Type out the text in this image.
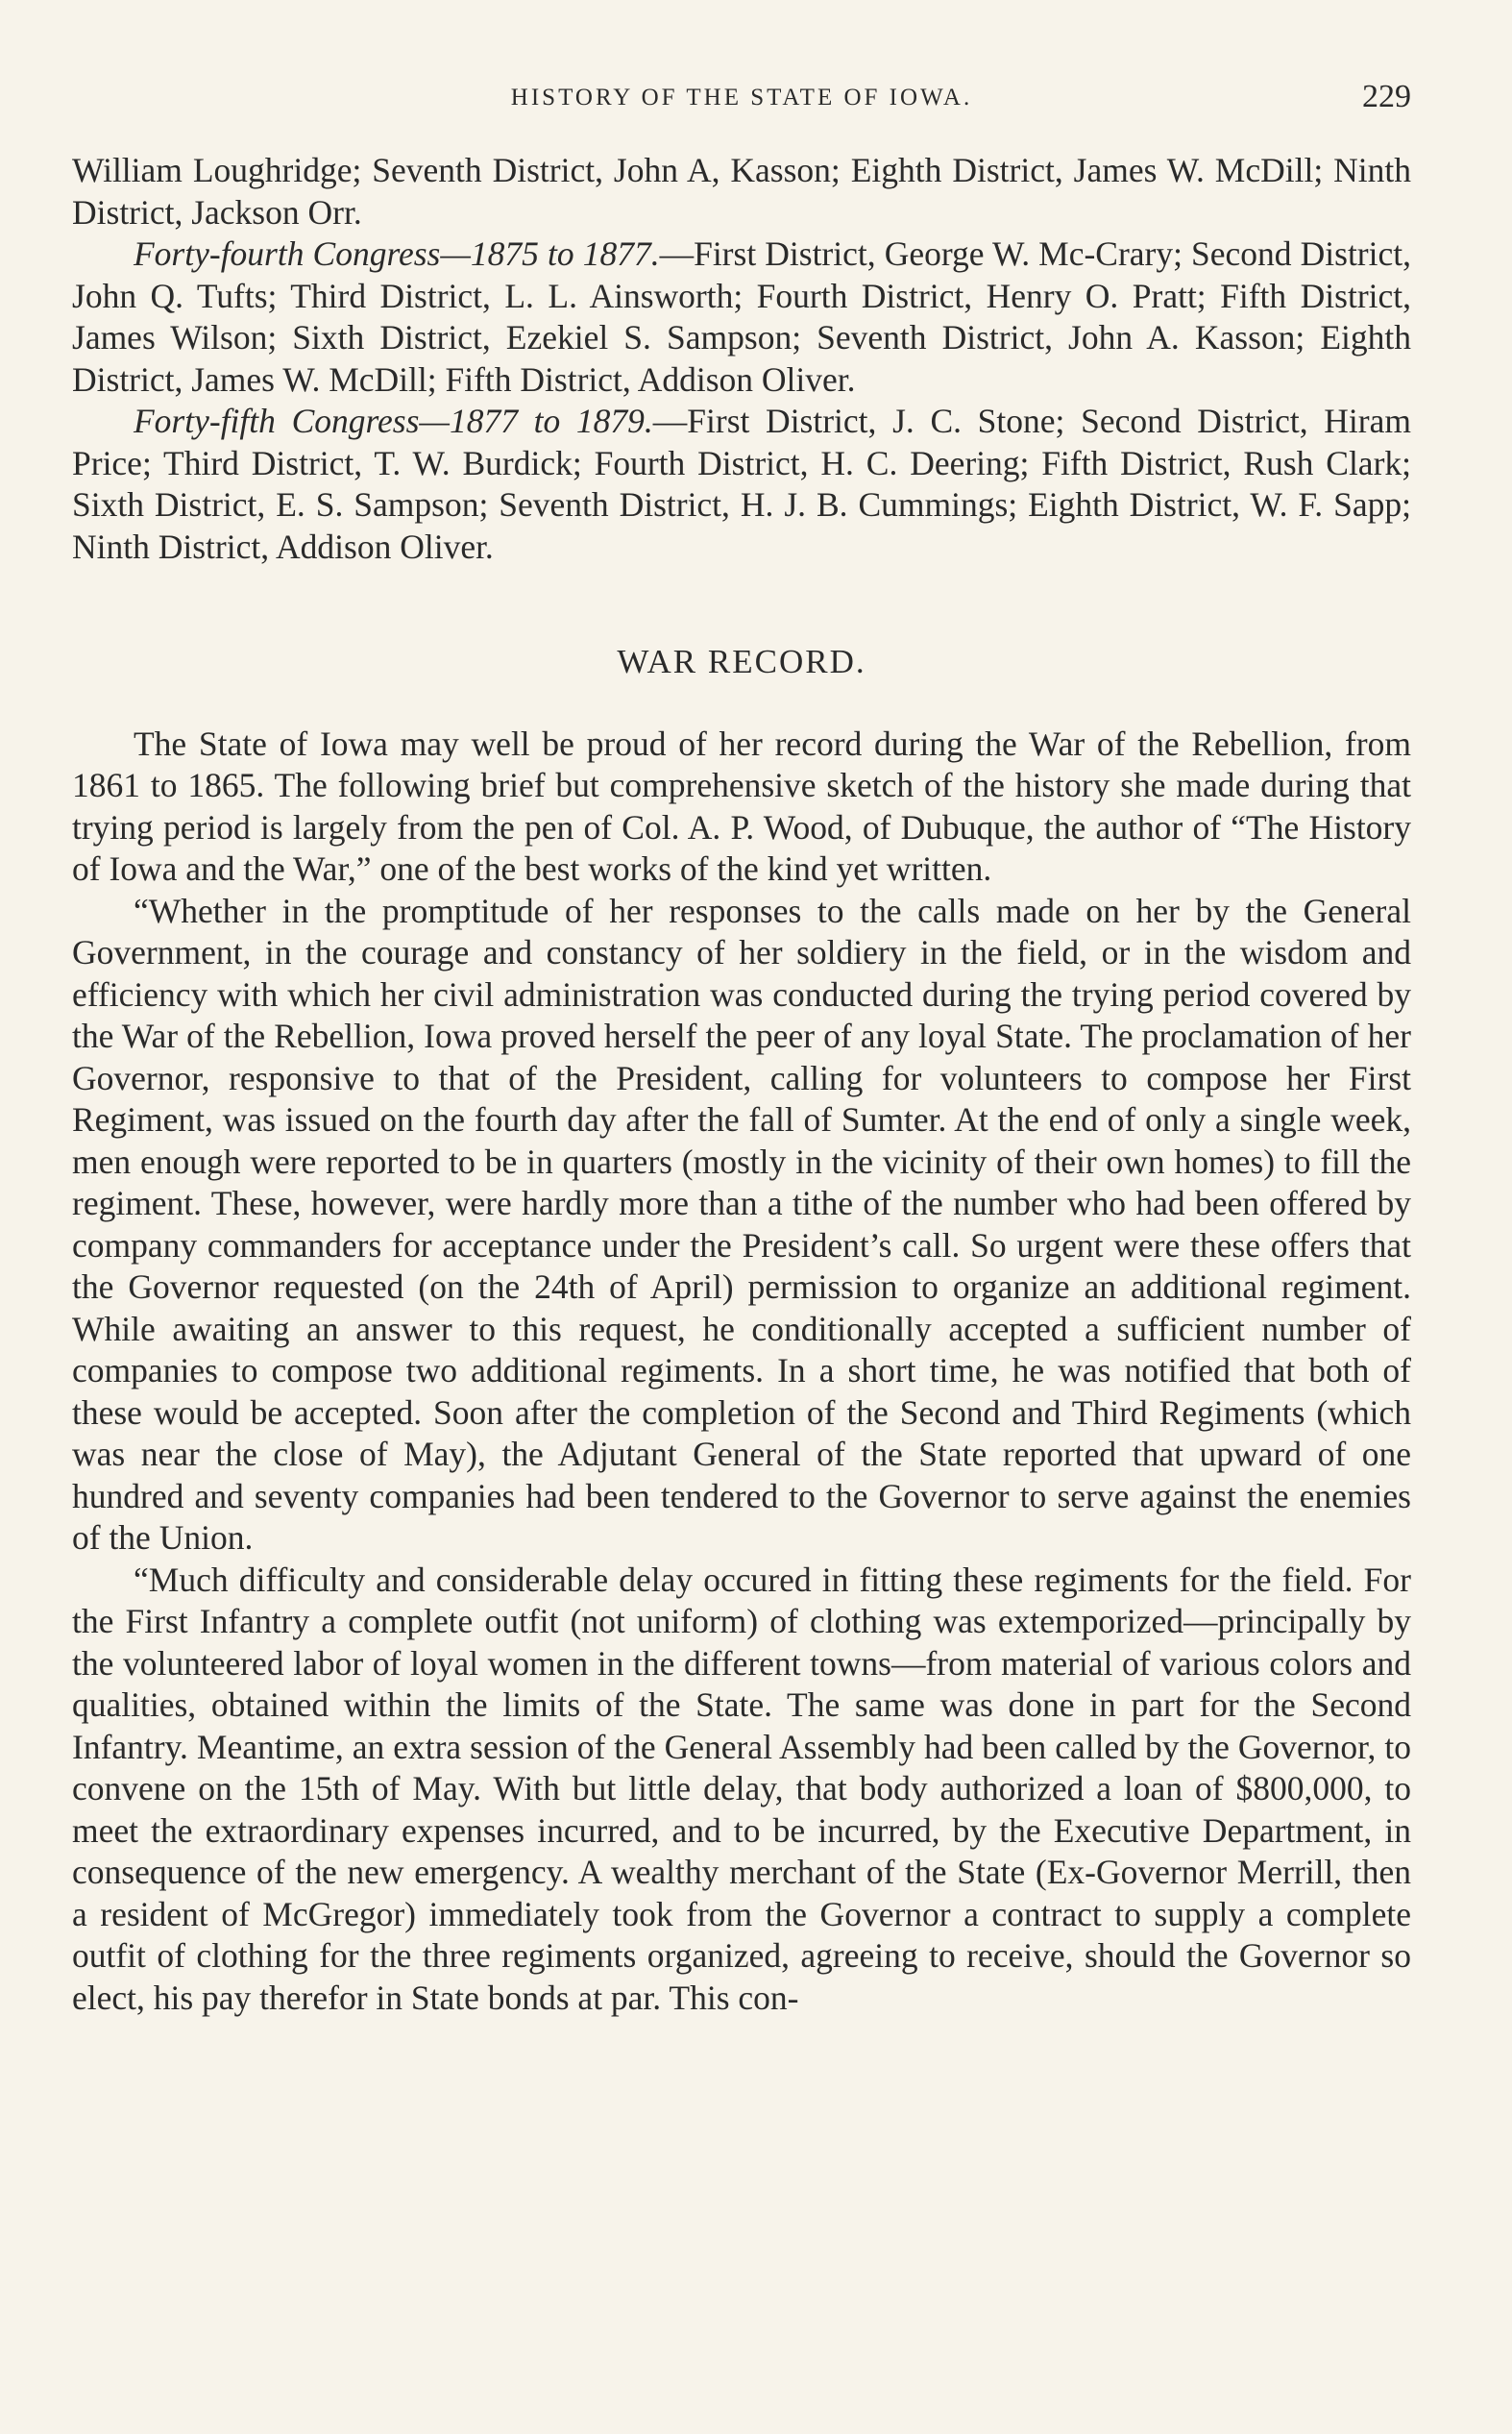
HISTORY OF THE STATE OF IOWA.	229

William Loughridge; Seventh District, John A, Kasson; Eighth District, James W. McDill; Ninth District, Jackson Orr.

Forty-fourth Congress—1875 to 1877.—First District, George W. Mc-Crary; Second District, John Q. Tufts; Third District, L. L. Ainsworth; Fourth District, Henry O. Pratt; Fifth District, James Wilson; Sixth District, Ezekiel S. Sampson; Seventh District, John A. Kasson; Eighth District, James W. McDill; Fifth District, Addison Oliver.

Forty-fifth Congress—1877 to 1879.—First District, J. C. Stone; Second District, Hiram Price; Third District, T. W. Burdick; Fourth District, H. C. Deering; Fifth District, Rush Clark; Sixth District, E. S. Sampson; Seventh District, H. J. B. Cummings; Eighth District, W. F. Sapp; Ninth District, Addison Oliver.

WAR RECORD.

The State of Iowa may well be proud of her record during the War of the Rebellion, from 1861 to 1865. The following brief but comprehensive sketch of the history she made during that trying period is largely from the pen of Col. A. P. Wood, of Dubuque, the author of “The History of Iowa and the War,” one of the best works of the kind yet written.

“Whether in the promptitude of her responses to the calls made on her by the General Government, in the courage and constancy of her soldiery in the field, or in the wisdom and efficiency with which her civil administration was conducted during the trying period covered by the War of the Rebellion, Iowa proved herself the peer of any loyal State. The proclamation of her Governor, responsive to that of the President, calling for volunteers to compose her First Regiment, was issued on the fourth day after the fall of Sumter. At the end of only a single week, men enough were reported to be in quarters (mostly in the vicinity of their own homes) to fill the regiment. These, however, were hardly more than a tithe of the number who had been offered by company commanders for acceptance under the President’s call. So urgent were these offers that the Governor requested (on the 24th of April) permission to organize an additional regiment. While awaiting an answer to this request, he conditionally accepted a sufficient number of companies to compose two additional regiments. In a short time, he was notified that both of these would be accepted. Soon after the completion of the Second and Third Regiments (which was near the close of May), the Adjutant General of the State reported that upward of one hundred and seventy companies had been tendered to the Governor to serve against the enemies of the Union.

“Much difficulty and considerable delay occured in fitting these regiments for the field. For the First Infantry a complete outfit (not uniform) of clothing was extemporized—principally by the volunteered labor of loyal women in the different towns—from material of various colors and qualities, obtained within the limits of the State. The same was done in part for the Second Infantry. Meantime, an extra session of the General Assembly had been called by the Governor, to convene on the 15th of May. With but little delay, that body authorized a loan of $800,000, to meet the extraordinary expenses incurred, and to be incurred, by the Executive Department, in consequence of the new emergency. A wealthy merchant of the State (Ex-Governor Merrill, then a resident of McGregor) immediately took from the Governor a contract to supply a complete outfit of clothing for the three regiments organized, agreeing to receive, should the Governor so elect, his pay therefor in State bonds at par. This con-
